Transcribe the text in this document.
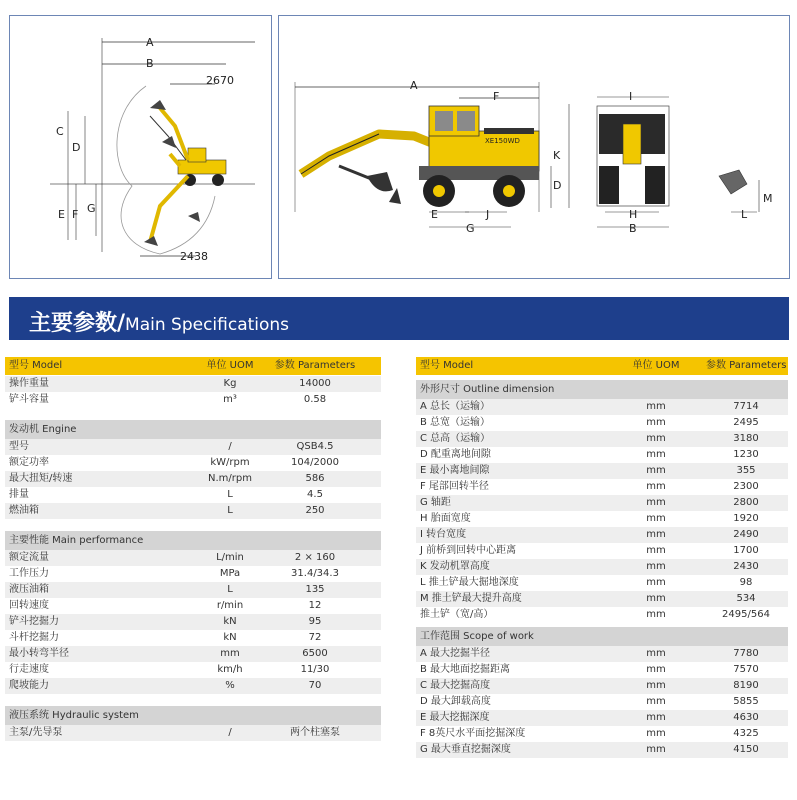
A
B
2670
C
D
E F G
2438
A
F
XE150WD
K
D
E	J
G
I
H
B
M
L
主要参数/Main Specifications
型号 Model	单位 UOM	参数 Parameters
操作重量	Kg	14000
铲斗容量	m³	0.58
发动机 Engine
型号	/	QSB4.5
额定功率	kW/rpm	104/2000
最大扭矩/转速	N.m/rpm	586
排量	L	4.5
燃油箱	L	250
主要性能 Main performance
额定流量	L/min	2 × 160
工作压力	MPa	31.4/34.3
液压油箱	L	135
回转速度	r/min	12
铲斗挖掘力	kN	95
斗杆挖掘力	kN	72
最小转弯半径	mm	6500
行走速度	km/h	11/30
爬坡能力	%	70
液压系统 Hydraulic system
主泵/先导泵	/	两个柱塞泵
型号 Model	单位 UOM	参数 Parameters
外形尺寸 Outline dimension
A 总长（运输）	mm	7714
B 总宽（运输）	mm	2495
C 总高（运输）	mm	3180
D 配重离地间隙	mm	1230
E 最小离地间隙	mm	355
F 尾部回转半径	mm	2300
G 轴距	mm	2800
H 胎面宽度	mm	1920
I 转台宽度	mm	2490
J 前桥到回转中心距离	mm	1700
K 发动机罩高度	mm	2430
L 推土铲最大掘地深度	mm	98
M 推土铲最大提升高度	mm	534
推土铲（宽/高）	mm	2495/564
工作范围 Scope of work
A 最大挖掘半径	mm	7780
B 最大地面挖掘距离	mm	7570
C 最大挖掘高度	mm	8190
D 最大卸载高度	mm	5855
E 最大挖掘深度	mm	4630
F 8英尺水平面挖掘深度	mm	4325
G 最大垂直挖掘深度	mm	4150
